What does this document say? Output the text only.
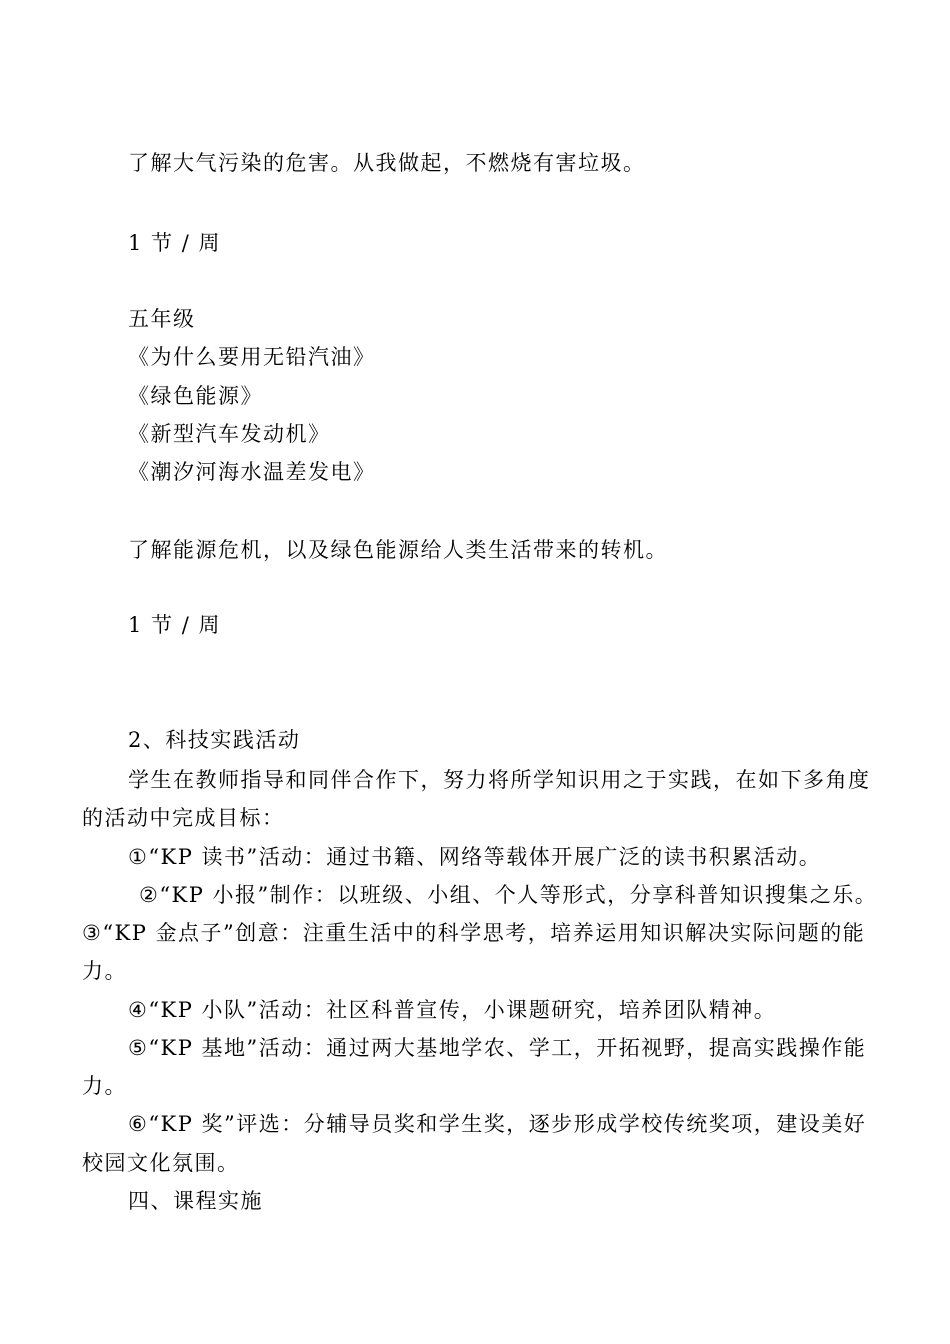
了解大气污染的危害。从我做起，不燃烧有害垃圾。
1 节 / 周
五年级
《为什么要用无铅汽油》
《绿色能源》
《新型汽车发动机》
《潮汐河海水温差发电》
了解能源危机，以及绿色能源给人类生活带来的转机。
1 节 / 周
2、科技实践活动
学生在教师指导和同伴合作下，努力将所学知识用之于实践，在如下多角度
的活动中完成目标：
①“KP 读书”活动：通过书籍、网络等载体开展广泛的读书积累活动。
②“KP 小报”制作：以班级、小组、个人等形式，分享科普知识搜集之乐。
③“KP 金点子”创意：注重生活中的科学思考，培养运用知识解决实际问题的能
力。
④“KP 小队”活动：社区科普宣传，小课题研究，培养团队精神。
⑤“KP 基地”活动：通过两大基地学农、学工，开拓视野，提高实践操作能
力。
⑥“KP 奖”评选：分辅导员奖和学生奖，逐步形成学校传统奖项，建设美好
校园文化氛围。
四、课程实施
